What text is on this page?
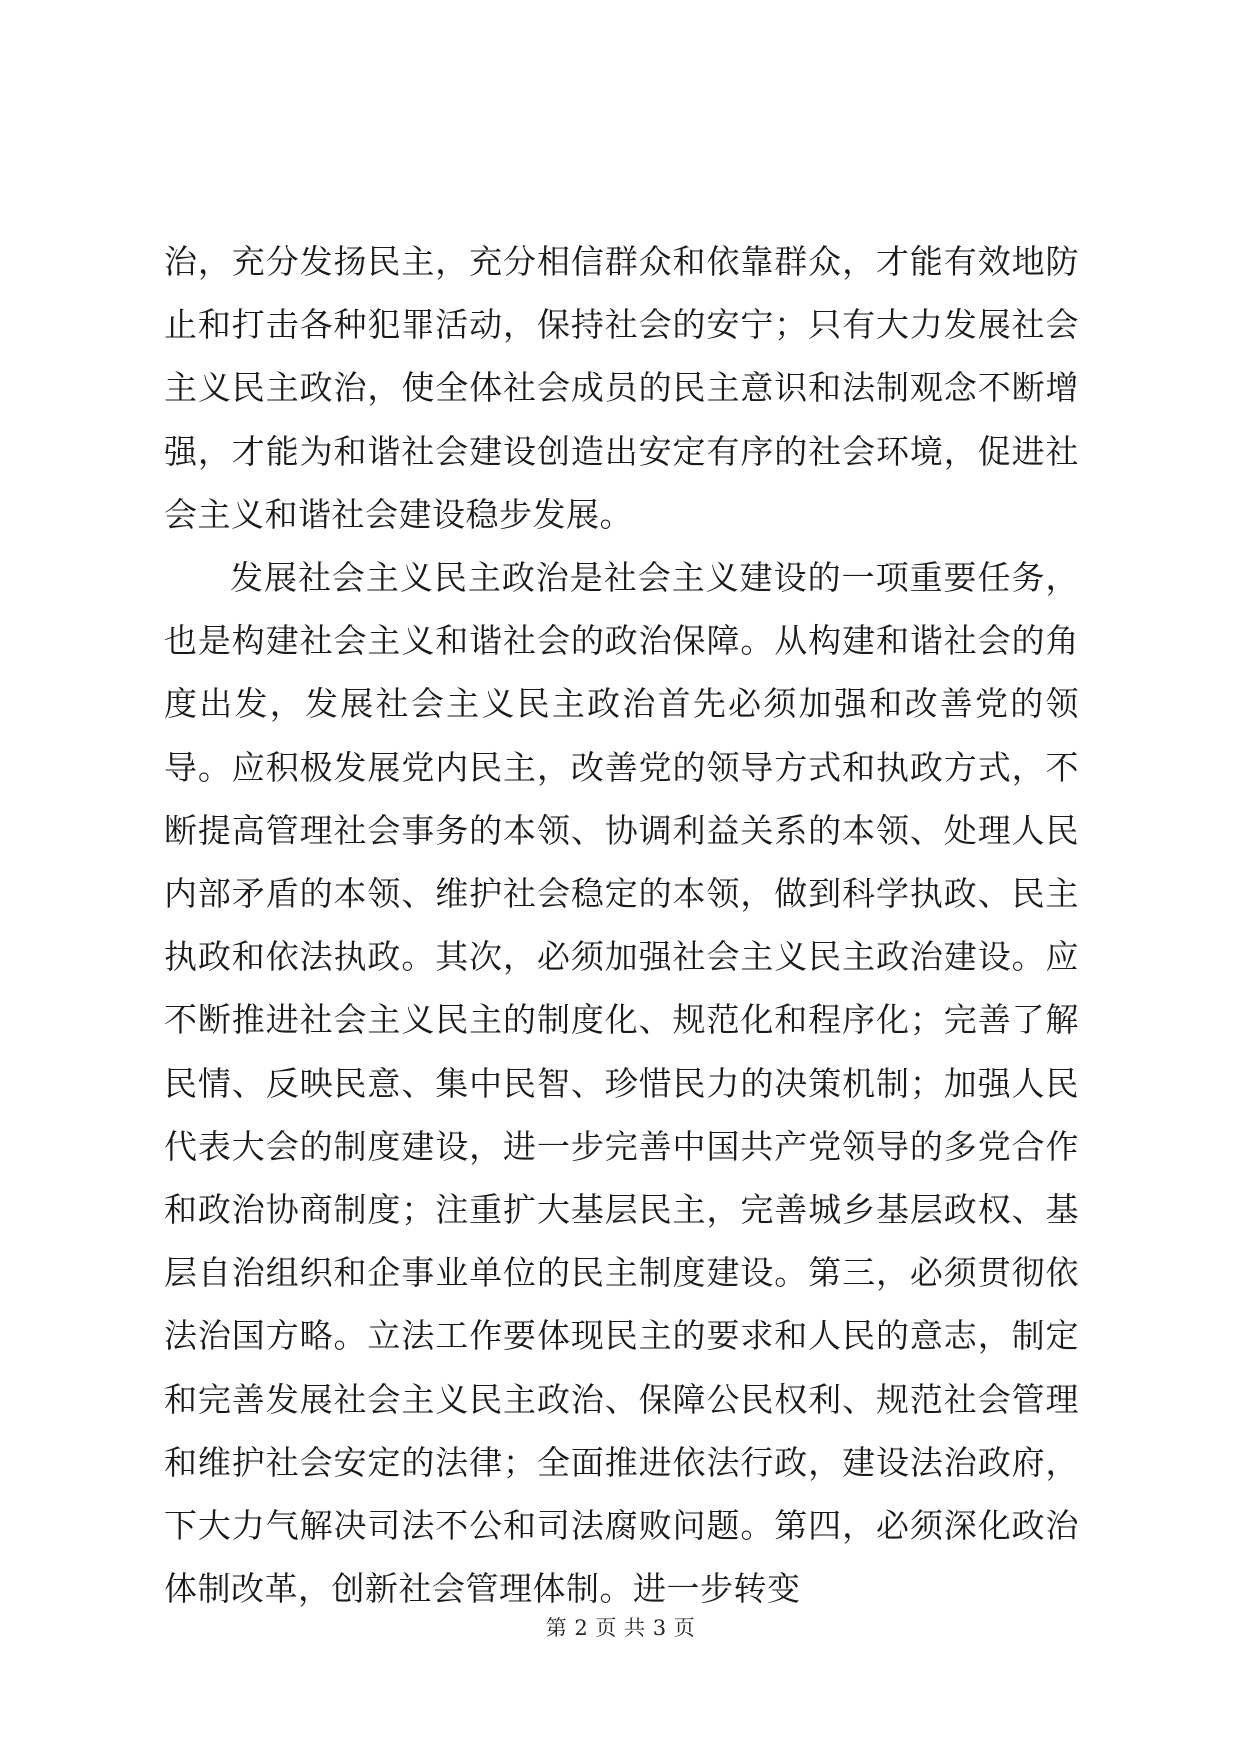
治，充分发扬民主，充分相信群众和依靠群众，才能有效地防止和打击各种犯罪活动，保持社会的安宁；只有大力发展社会主义民主政治，使全体社会成员的民主意识和法制观念不断增强，才能为和谐社会建设创造出安定有序的社会环境，促进社会主义和谐社会建设稳步发展。

发展社会主义民主政治是社会主义建设的一项重要任务，也是构建社会主义和谐社会的政治保障。从构建和谐社会的角度出发，发展社会主义民主政治首先必须加强和改善党的领导。应积极发展党内民主，改善党的领导方式和执政方式，不断提高管理社会事务的本领、协调利益关系的本领、处理人民内部矛盾的本领、维护社会稳定的本领，做到科学执政、民主执政和依法执政。其次，必须加强社会主义民主政治建设。应不断推进社会主义民主的制度化、规范化和程序化；完善了解民情、反映民意、集中民智、珍惜民力的决策机制；加强人民代表大会的制度建设，进一步完善中国共产党领导的多党合作和政治协商制度；注重扩大基层民主，完善城乡基层政权、基层自治组织和企事业单位的民主制度建设。第三，必须贯彻依法治国方略。立法工作要体现民主的要求和人民的意志，制定和完善发展社会主义民主政治、保障公民权利、规范社会管理和维护社会安定的法律；全面推进依法行政，建设法治政府，下大力气解决司法不公和司法腐败问题。第四，必须深化政治体制改革，创新社会管理体制。进一步转变

第 2 页 共 3 页
